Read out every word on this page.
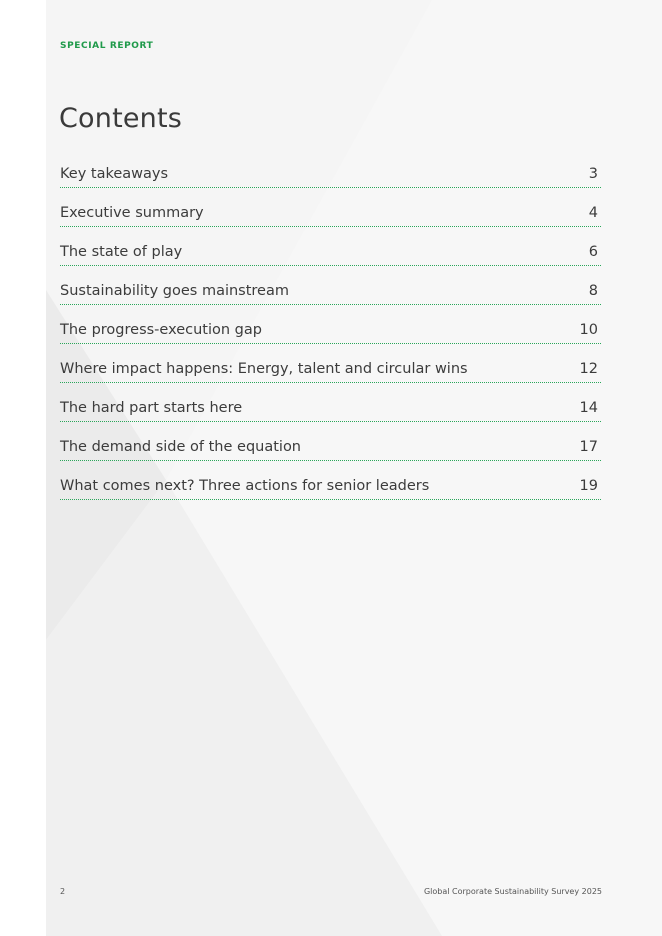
SPECIAL REPORT
Contents
Key takeaways	3
Executive summary	4
The state of play	6
Sustainability goes mainstream	8
The progress-execution gap	10
Where impact happens: Energy, talent and circular wins	12
The hard part starts here	14
The demand side of the equation	17
What comes next? Three actions for senior leaders	19
2	Global Corporate Sustainability Survey 2025
